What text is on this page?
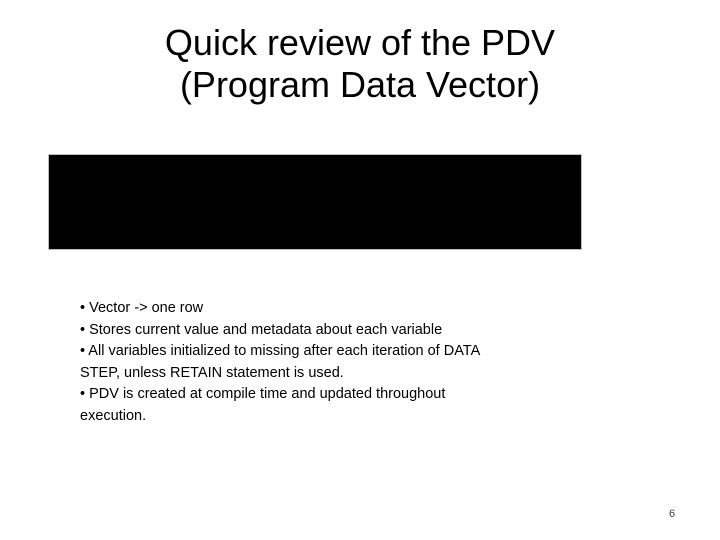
Quick review of the PDV
(Program Data Vector)
_N_
TYPE=NUMERIC, LENGTH=8, DROP=NO, RETAIN=NO
1
_ERROR_
TYPE=NUMERIC, LENGTH=8, DROP=NO, RETAIN=NO
0
Inpt_ID
TYPE=NUMERIC, LENGTH=8, DROP=NO, RETAIN=NO
35
Age
TYPE=NUMERIC, LENGTH=3, DROP=NO, RETAIN=NO
67

• Vector -> one row

• Stores current value and metadata about each variable

• All variables initialized to missing after each iteration of DATA STEP, unless RETAIN statement is used.

• PDV is created at compile time and updated throughout execution.

6
